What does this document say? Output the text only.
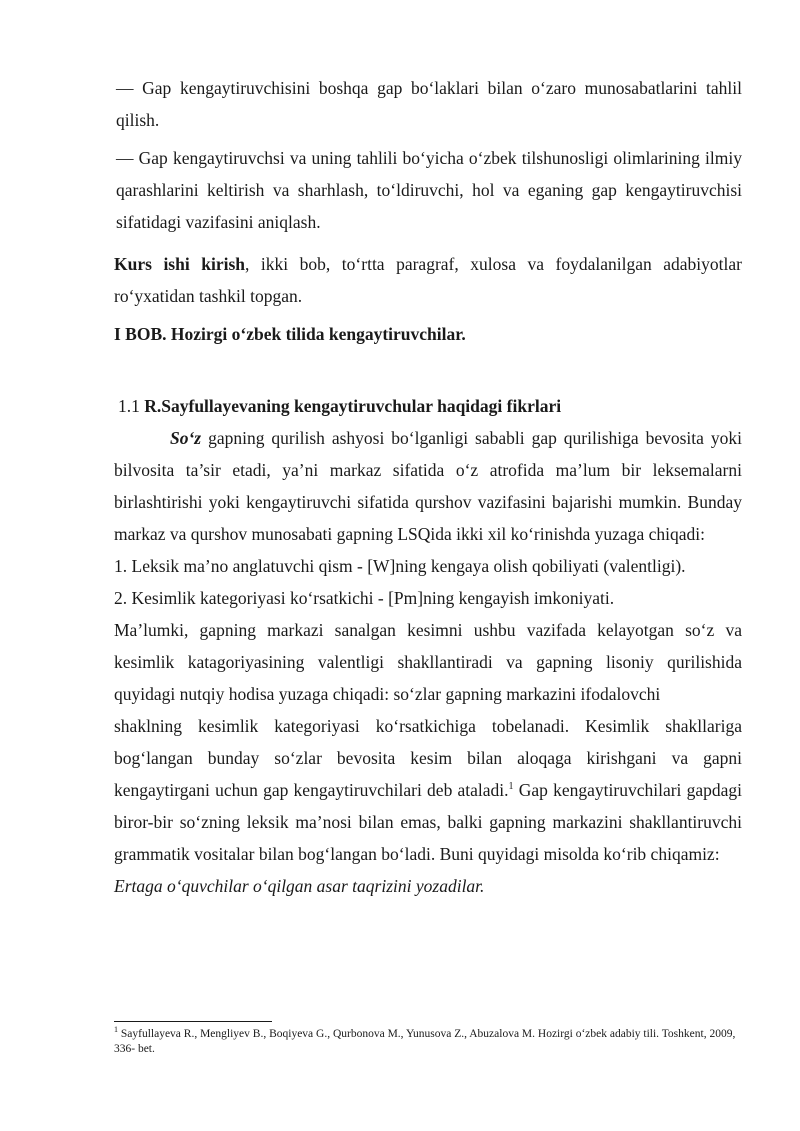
— Gap kengaytiruvchisini boshqa gap bo‘laklari bilan o‘zaro munosabatlarini tahlil qilish.

— Gap kengaytiruvchsi va uning tahlili bo‘yicha o‘zbek tilshunosligi olimlarining ilmiy qarashlarini keltirish va sharhlash, to‘ldiruvchi, hol va eganing gap kengaytiruvchisi sifatidagi vazifasini aniqlash.

Kurs ishi kirish, ikki bob, to‘rtta paragraf, xulosa va foydalanilgan adabiyotlar ro‘yxatidan tashkil topgan.

I BOB. Hozirgi o‘zbek tilida kengaytiruvchilar.

1.1 R.Sayfullayevaning kengaytiruvchular haqidagi fikrlari

So‘z gapning qurilish ashyosi bo‘lganligi sababli gap qurilishiga bevosita yoki bilvosita ta’sir etadi, ya’ni markaz sifatida o‘z atrofida ma’lum bir leksemalarni birlashtirishi yoki kengaytiruvchi sifatida qurshov vazifasini bajarishi mumkin. Bunday markaz va qurshov munosabati gapning LSQida ikki xil ko‘rinishda yuzaga chiqadi:

1. Leksik ma’no anglatuvchi qism - [W]ning kengaya olish qobiliyati (valentligi).

2. Kesimlik kategoriyasi ko‘rsatkichi - [Pm]ning kengayish imkoniyati.

Ma’lumki, gapning markazi sanalgan kesimni ushbu vazifada kelayotgan so‘z va kesimlik katagoriyasining valentligi shakllantiradi va gapning lisoniy qurilishida quyidagi nutqiy hodisa yuzaga chiqadi: so‘zlar gapning markazini ifodalovchi

shaklning kesimlik kategoriyasi ko‘rsatkichiga tobelanadi. Kesimlik shakllariga bog‘langan bunday so‘zlar bevosita kesim bilan aloqaga kirishgani va gapni kengaytirgani uchun gap kengaytiruvchilari deb ataladi.$^1$ Gap kengaytiruvchilari gapdagi biror-bir so‘zning leksik ma’nosi bilan emas, balki gapning markazini shakllantiruvchi grammatik vositalar bilan bog‘langan bo‘ladi. Buni quyidagi misolda ko‘rib chiqamiz:

Ertaga o‘quvchilar o‘qilgan asar taqrizini yozadilar.

$^1$ Sayfullayeva R., Mengliyev B., Boqiyeva G., Qurbonova M., Yunusova Z., Abuzalova M. Hozirgi o‘zbek adabiy tili. Toshkent, 2009, 336- bet.
